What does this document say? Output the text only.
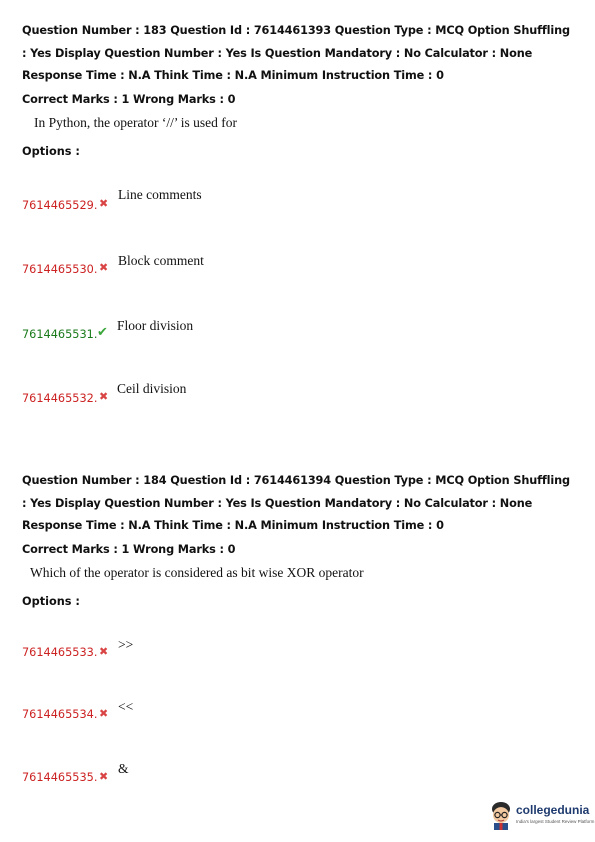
Question Number : 183 Question Id : 7614461393 Question Type : MCQ Option Shuffling : Yes Display Question Number : Yes Is Question Mandatory : No Calculator : None Response Time : N.A Think Time : N.A Minimum Instruction Time : 0
Correct Marks : 1 Wrong Marks : 0
In Python, the operator ‘//’ is used for
Options :
7614465529. ✖
Line comments
7614465530. ✖ Block comment
7614465531. ✔ Floor division
7614465532. ✖
Ceil division
Question Number : 184 Question Id : 7614461394 Question Type : MCQ Option Shuffling : Yes Display Question Number : Yes Is Question Mandatory : No Calculator : None Response Time : N.A Think Time : N.A Minimum Instruction Time : 0
Correct Marks : 1 Wrong Marks : 0
Which of the operator is considered as bit wise XOR operator
Options :
7614465533. ✖ >>
7614465534. ✖ <<
7614465535. ✖
&
collegedunia
India's largest Student Review Platform
